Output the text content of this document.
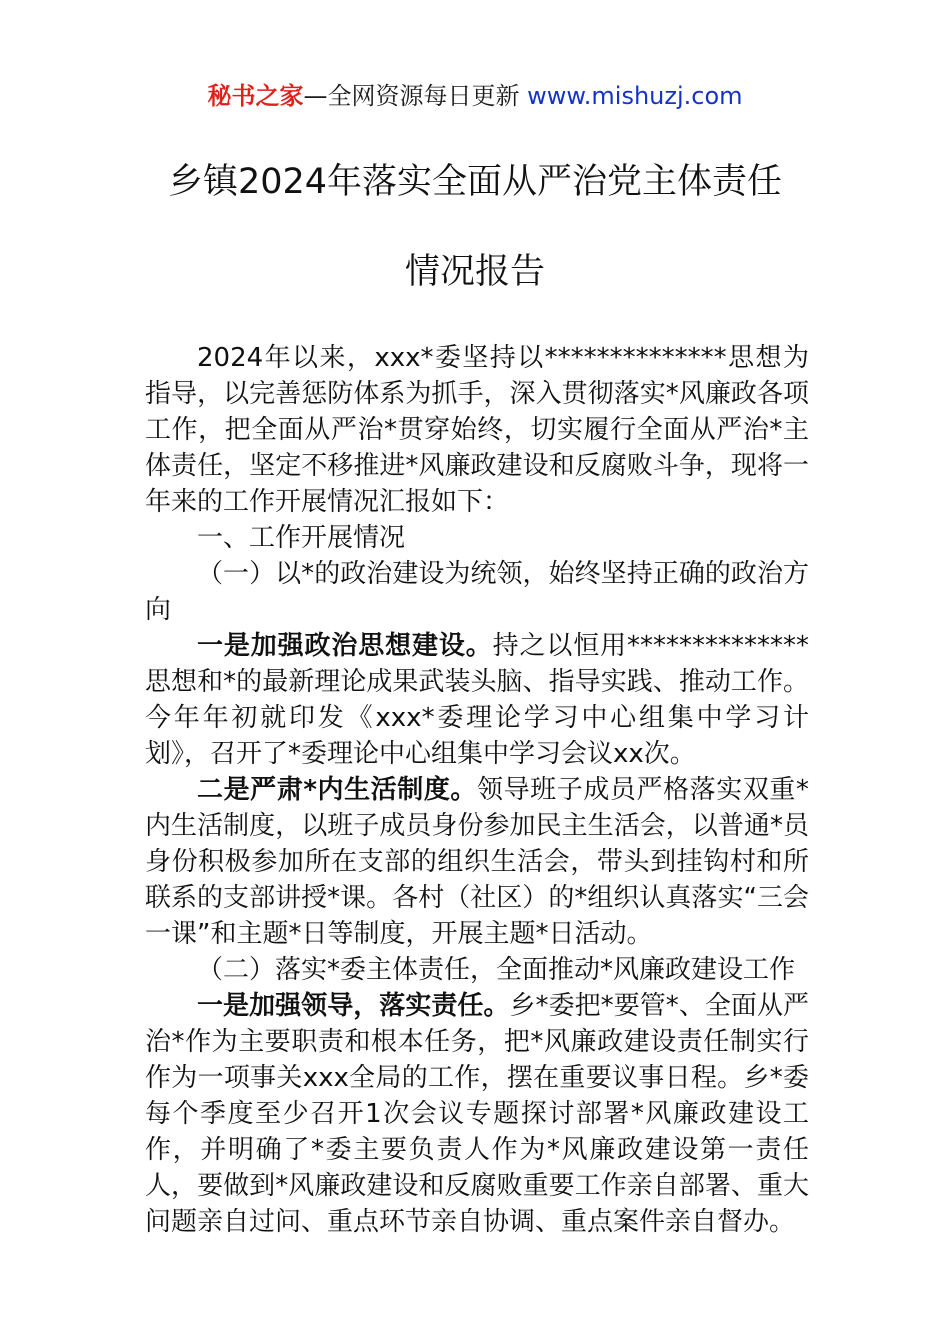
秘书之家—全网资源每日更新 www.mishuzj.com
乡镇2024年落实全面从严治党主体责任
情况报告

2024年以来，xxx*委坚持以**************思想为指导，以完善惩防体系为抓手，深入贯彻落实*风廉政各项工作，把全面从严治*贯穿始终，切实履行全面从严治*主体责任，坚定不移推进*风廉政建设和反腐败斗争，现将一年来的工作开展情况汇报如下：

一、工作开展情况

（一）以*的政治建设为统领，始终坚持正确的政治方向

一是加强政治思想建设。持之以恒用**************思想和*的最新理论成果武装头脑、指导实践、推动工作。今年年初就印发《xxx*委理论学习中心组集中学习计划》，召开了*委理论中心组集中学习会议xx次。

二是严肃*内生活制度。领导班子成员严格落实双重*内生活制度，以班子成员身份参加民主生活会，以普通*员身份积极参加所在支部的组织生活会，带头到挂钩村和所联系的支部讲授*课。各村（社区）的*组织认真落实“三会一课”和主题*日等制度，开展主题*日活动。

（二）落实*委主体责任，全面推动*风廉政建设工作

一是加强领导，落实责任。乡*委把*要管*、全面从严治*作为主要职责和根本任务，把*风廉政建设责任制实行作为一项事关xxx全局的工作，摆在重要议事日程。乡*委每个季度至少召开1次会议专题探讨部署*风廉政建设工作，并明确了*委主要负责人作为*风廉政建设第一责任人，要做到*风廉政建设和反腐败重要工作亲自部署、重大问题亲自过问、重点环节亲自协调、重点案件亲自督办。
